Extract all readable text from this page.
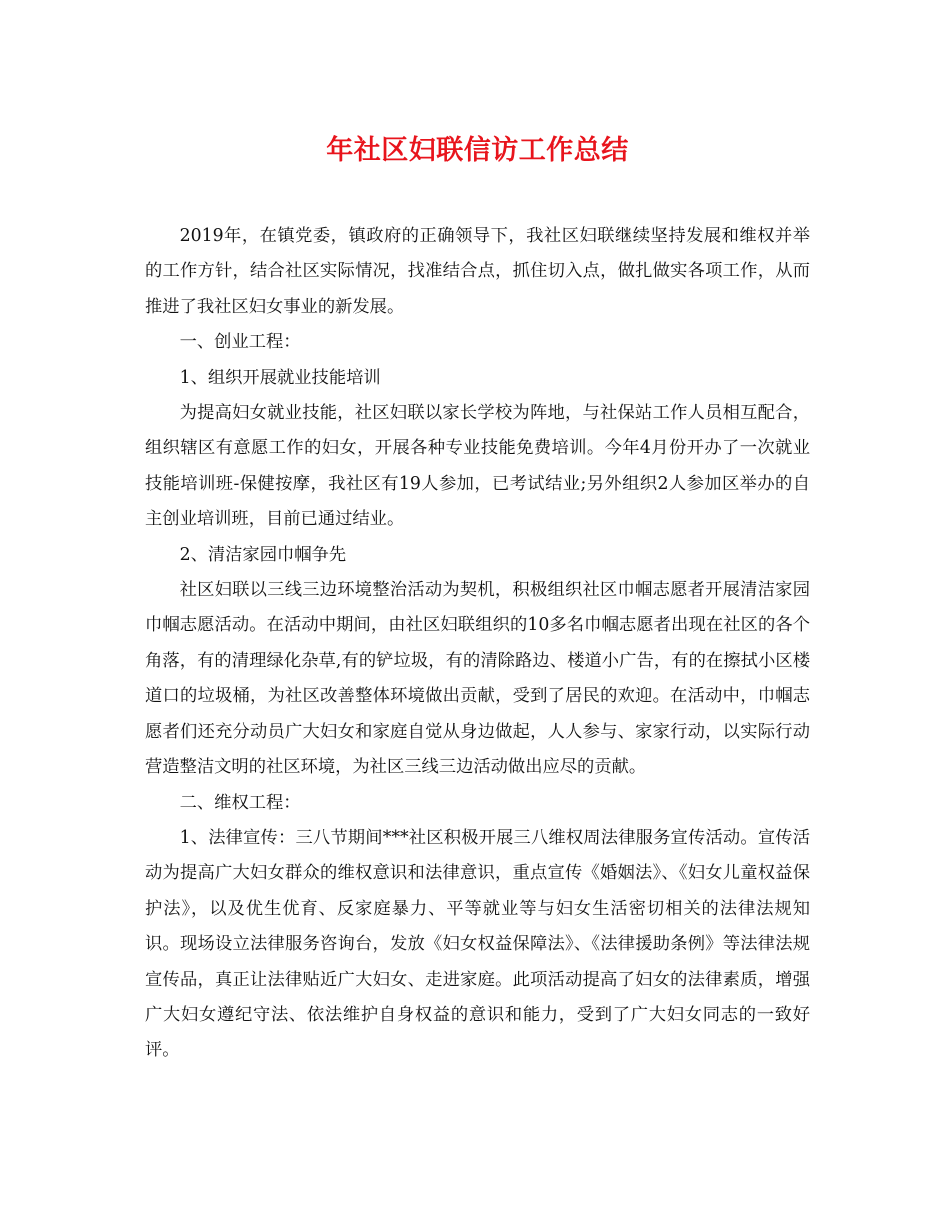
年社区妇联信访工作总结

2019年，在镇党委，镇政府的正确领导下，我社区妇联继续坚持发展和维权并举的工作方针，结合社区实际情况，找准结合点，抓住切入点，做扎做实各项工作，从而推进了我社区妇女事业的新发展。

一、创业工程：

1、组织开展就业技能培训

为提高妇女就业技能，社区妇联以家长学校为阵地，与社保站工作人员相互配合，组织辖区有意愿工作的妇女，开展各种专业技能免费培训。今年4月份开办了一次就业技能培训班-保健按摩，我社区有19人参加，已考试结业;另外组织2人参加区举办的自主创业培训班，目前已通过结业。

2、清洁家园巾帼争先

社区妇联以三线三边环境整治活动为契机，积极组织社区巾帼志愿者开展清洁家园巾帼志愿活动。在活动中期间，由社区妇联组织的10多名巾帼志愿者出现在社区的各个角落，有的清理绿化杂草,有的铲垃圾，有的清除路边、楼道小广告，有的在擦拭小区楼道口的垃圾桶，为社区改善整体环境做出贡献，受到了居民的欢迎。在活动中，巾帼志愿者们还充分动员广大妇女和家庭自觉从身边做起，人人参与、家家行动，以实际行动营造整洁文明的社区环境，为社区三线三边活动做出应尽的贡献。

二、维权工程：

1、法律宣传：三八节期间***社区积极开展三八维权周法律服务宣传活动。宣传活动为提高广大妇女群众的维权意识和法律意识，重点宣传《婚姻法》、《妇女儿童权益保护法》，以及优生优育、反家庭暴力、平等就业等与妇女生活密切相关的法律法规知识。现场设立法律服务咨询台，发放《妇女权益保障法》、《法律援助条例》等法律法规宣传品，真正让法律贴近广大妇女、走进家庭。此项活动提高了妇女的法律素质，增强广大妇女遵纪守法、依法维护自身权益的意识和能力，受到了广大妇女同志的一致好评。
